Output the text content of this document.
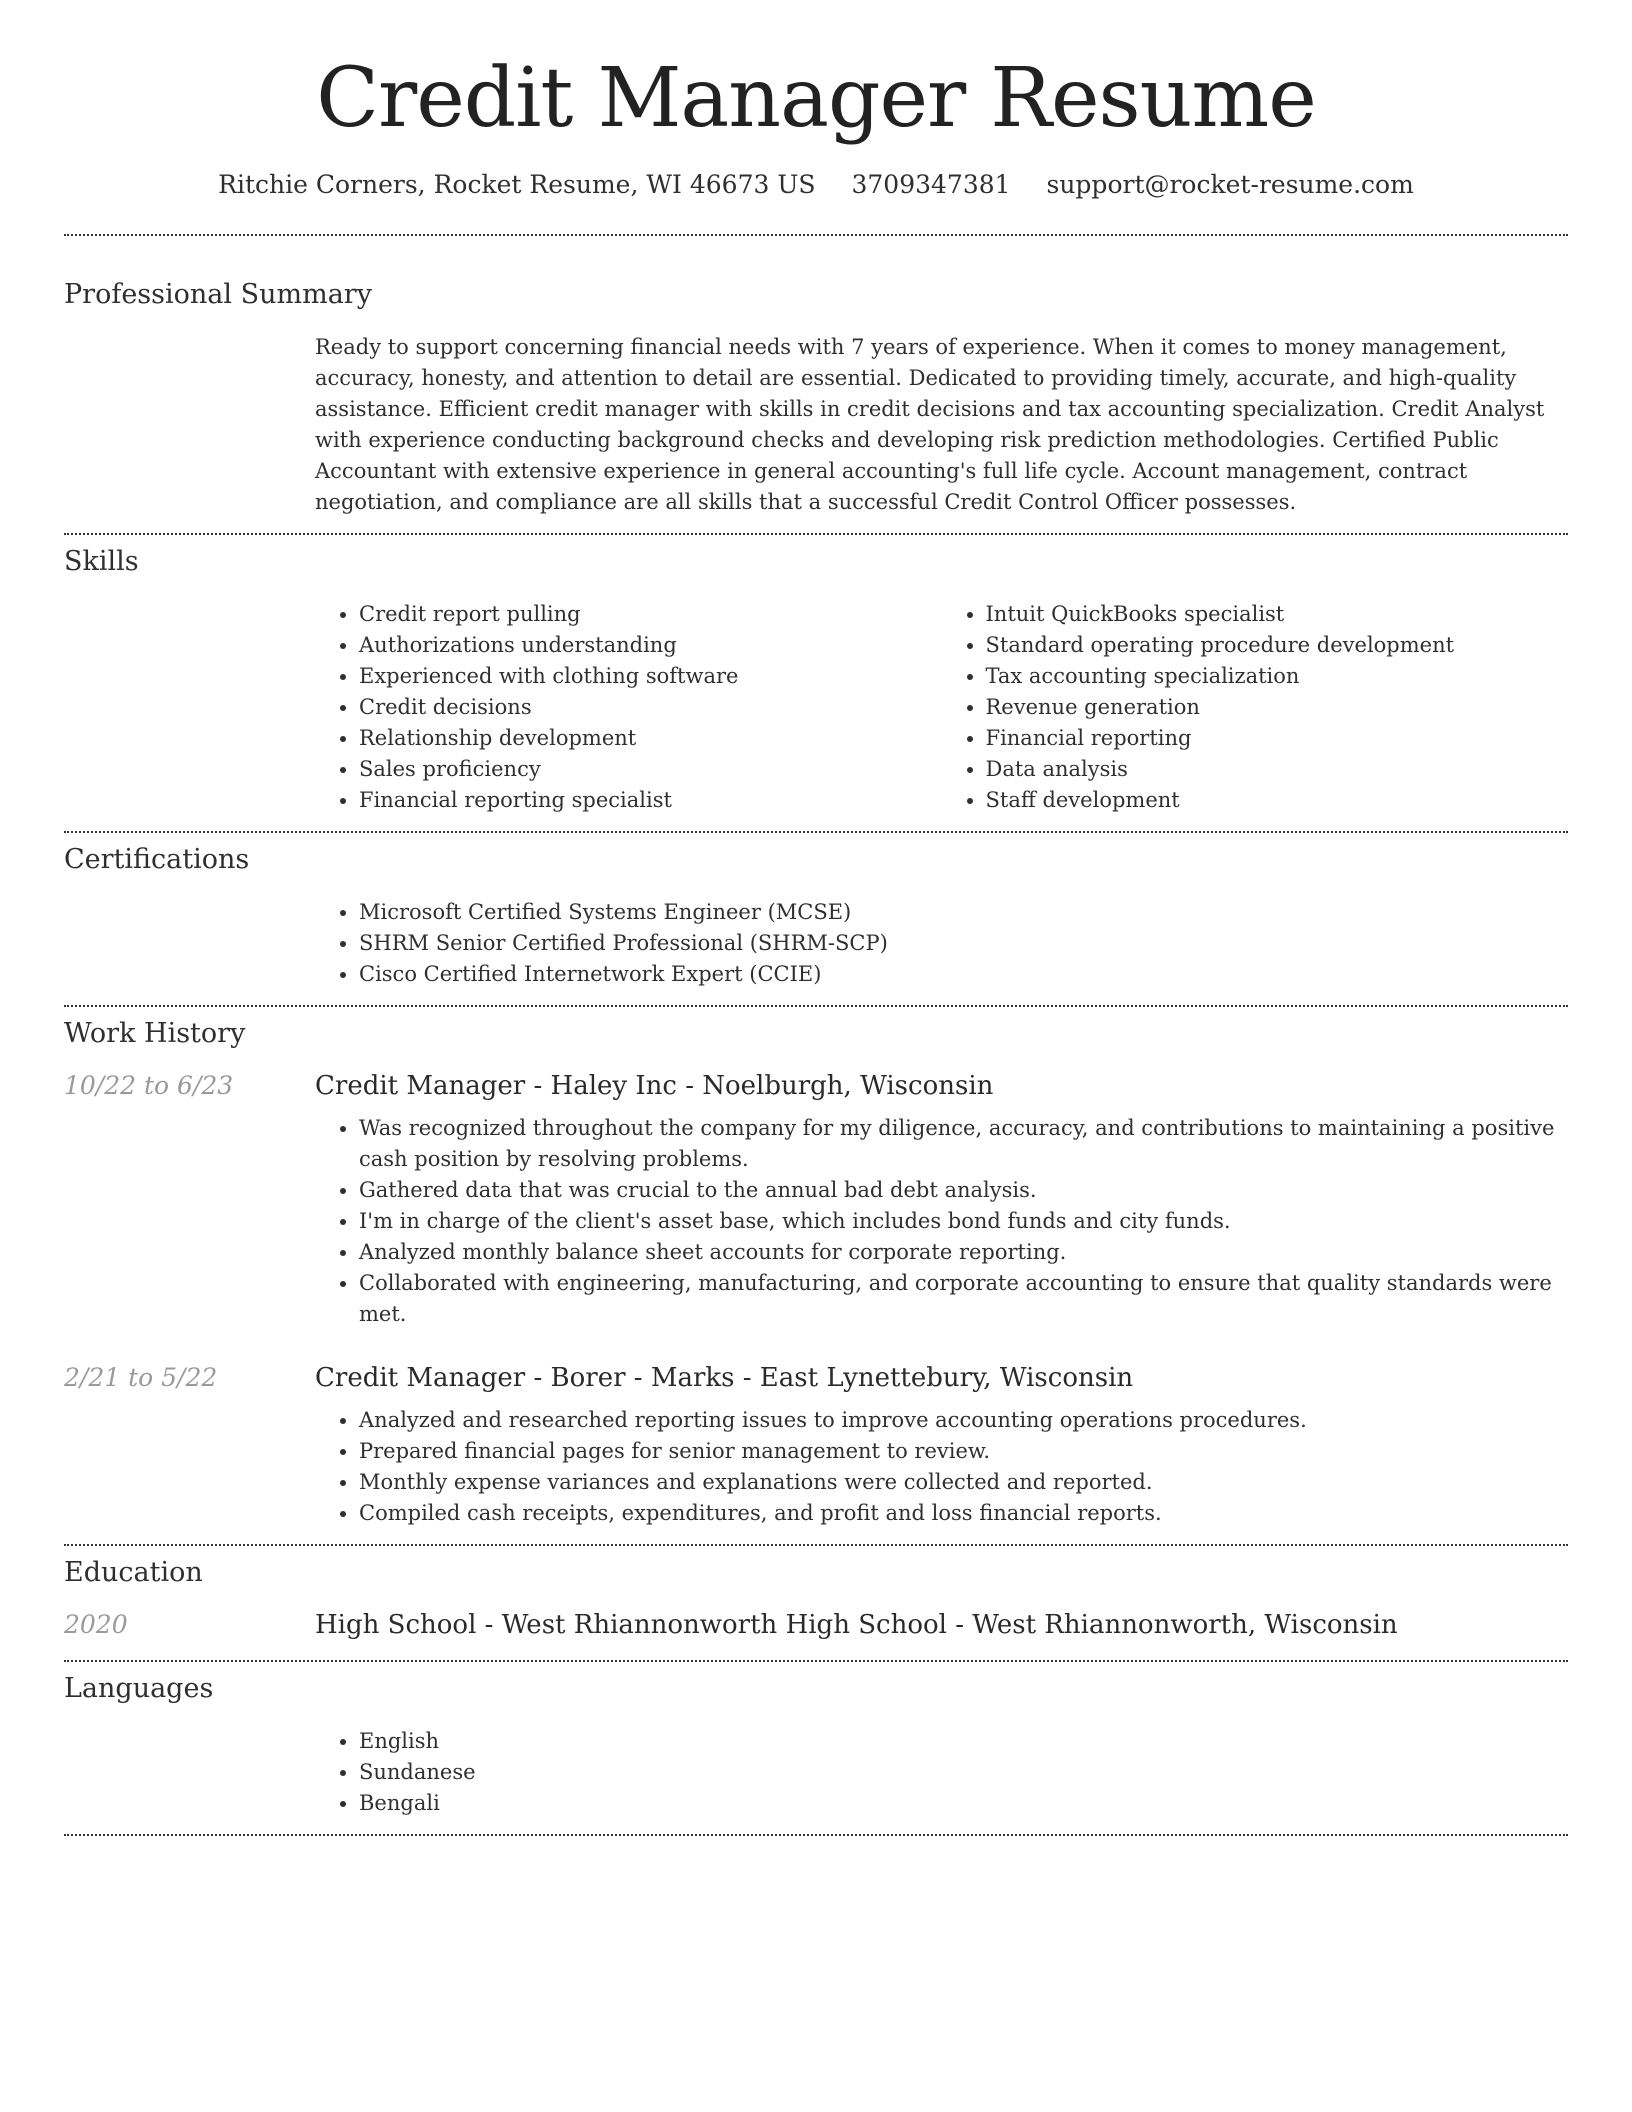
Credit Manager Resume
Ritchie Corners, Rocket Resume, WI 46673 US 3709347381 support@rocket-resume.com
Professional Summary
Ready to support concerning financial needs with 7 years of experience. When it comes to money management, accuracy, honesty, and attention to detail are essential. Dedicated to providing timely, accurate, and high-quality assistance. Efficient credit manager with skills in credit decisions and tax accounting specialization. Credit Analyst with experience conducting background checks and developing risk prediction methodologies. Certified Public Accountant with extensive experience in general accounting's full life cycle. Account management, contract negotiation, and compliance are all skills that a successful Credit Control Officer possesses.
Skills
• Credit report pulling
• Authorizations understanding
• Experienced with clothing software
• Credit decisions
• Relationship development
• Sales proficiency
• Financial reporting specialist
• Intuit QuickBooks specialist
• Standard operating procedure development
• Tax accounting specialization
• Revenue generation
• Financial reporting
• Data analysis
• Staff development
Certifications
• Microsoft Certified Systems Engineer (MCSE)
• SHRM Senior Certified Professional (SHRM-SCP)
• Cisco Certified Internetwork Expert (CCIE)
Work History
10/22 to 6/23	Credit Manager - Haley Inc - Noelburgh, Wisconsin
• Was recognized throughout the company for my diligence, accuracy, and contributions to maintaining a positive cash position by resolving problems.
• Gathered data that was crucial to the annual bad debt analysis.
• I'm in charge of the client's asset base, which includes bond funds and city funds.
• Analyzed monthly balance sheet accounts for corporate reporting.
• Collaborated with engineering, manufacturing, and corporate accounting to ensure that quality standards were met.
2/21 to 5/22	Credit Manager - Borer - Marks - East Lynettebury, Wisconsin
• Analyzed and researched reporting issues to improve accounting operations procedures.
• Prepared financial pages for senior management to review.
• Monthly expense variances and explanations were collected and reported.
• Compiled cash receipts, expenditures, and profit and loss financial reports.
Education
2020	High School - West Rhiannonworth High School - West Rhiannonworth, Wisconsin
Languages
• English
• Sundanese
• Bengali
